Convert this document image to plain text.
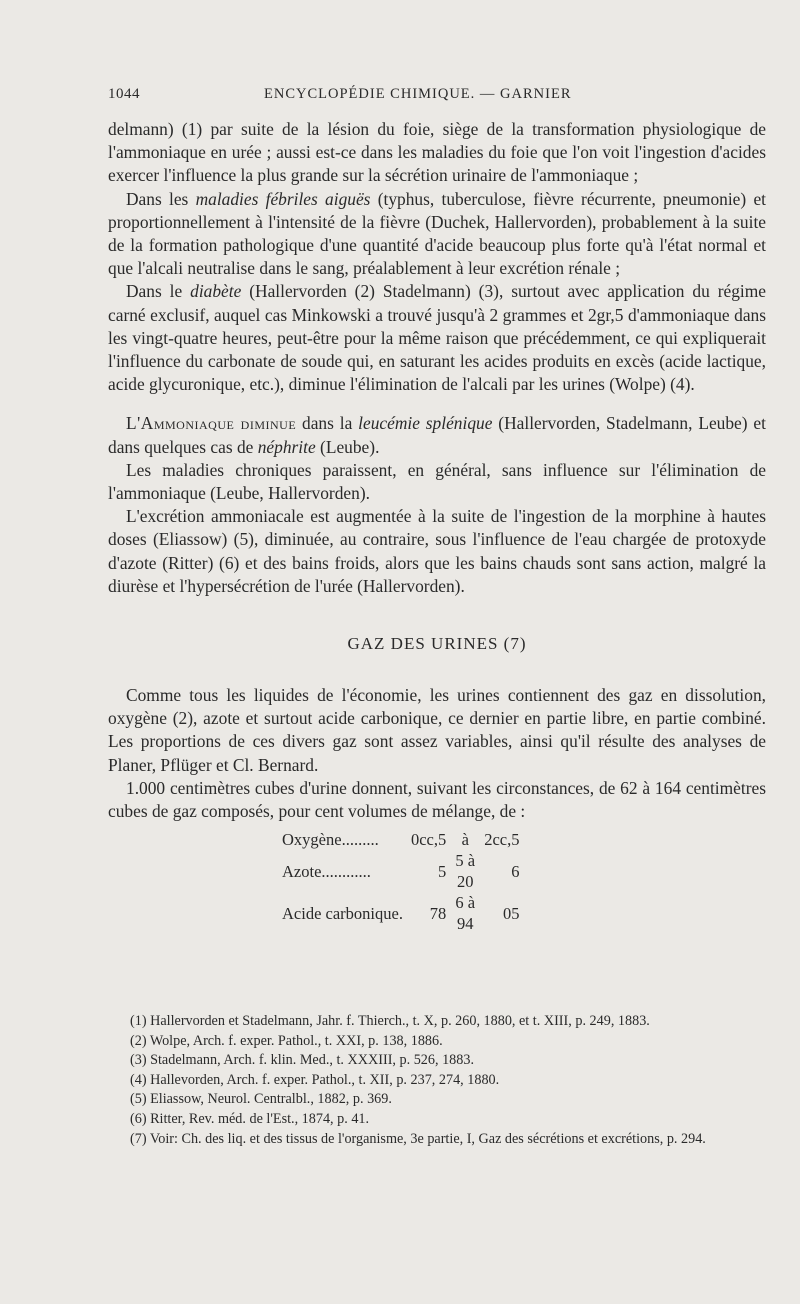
1044	ENCYCLOPÉDIE CHIMIQUE. — GARNIER

delmann) (1) par suite de la lésion du foie, siège de la transformation physiologique de l'ammoniaque en urée ; aussi est-ce dans les maladies du foie que l'on voit l'ingestion d'acides exercer l'influence la plus grande sur la sécrétion urinaire de l'ammoniaque ;

Dans les maladies fébriles aiguës (typhus, tuberculose, fièvre récurrente, pneumonie) et proportionnellement à l'intensité de la fièvre (Duchek, Hallervorden), probablement à la suite de la formation pathologique d'une quantité d'acide beaucoup plus forte qu'à l'état normal et que l'alcali neutralise dans le sang, préalablement à leur excrétion rénale ;

Dans le diabète (Hallervorden (2) Stadelmann) (3), surtout avec application du régime carné exclusif, auquel cas Minkowski a trouvé jusqu'à 2 grammes et 2gr,5 d'ammoniaque dans les vingt-quatre heures, peut-être pour la même raison que précédemment, ce qui expliquerait l'influence du carbonate de soude qui, en saturant les acides produits en excès (acide lactique, acide glycuronique, etc.), diminue l'élimination de l'alcali par les urines (Wolpe) (4).

L'Ammoniaque diminue dans la leucémie splénique (Hallervorden, Stadelmann, Leube) et dans quelques cas de néphrite (Leube).

Les maladies chroniques paraissent, en général, sans influence sur l'élimination de l'ammoniaque (Leube, Hallervorden).

L'excrétion ammoniacale est augmentée à la suite de l'ingestion de la morphine à hautes doses (Eliassow) (5), diminuée, au contraire, sous l'influence de l'eau chargée de protoxyde d'azote (Ritter) (6) et des bains froids, alors que les bains chauds sont sans action, malgré la diurèse et l'hypersécrétion de l'urée (Hallervorden).

GAZ DES URINES (7)

Comme tous les liquides de l'économie, les urines contiennent des gaz en dissolution, oxygène (2), azote et surtout acide carbonique, ce dernier en partie libre, en partie combiné. Les proportions de ces divers gaz sont assez variables, ainsi qu'il résulte des analyses de Planer, Pflüger et Cl. Bernard.

1.000 centimètres cubes d'urine donnent, suivant les circonstances, de 62 à 164 centimètres cubes de gaz composés, pour cent volumes de mélange, de :

Oxygène.........	0cc,5	à	2cc,5
Azote............	5	5 à 20	6
Acide carbonique.	78	6 à 94	05

(1) Hallervorden et Stadelmann, Jahr. f. Thierch., t. X, p. 260, 1880, et t. XIII, p. 249, 1883.

(2) Wolpe, Arch. f. exper. Pathol., t. XXI, p. 138, 1886.

(3) Stadelmann, Arch. f. klin. Med., t. XXXIII, p. 526, 1883.

(4) Hallevorden, Arch. f. exper. Pathol., t. XII, p. 237, 274, 1880.

(5) Eliassow, Neurol. Centralbl., 1882, p. 369.

(6) Ritter, Rev. méd. de l'Est., 1874, p. 41.

(7) Voir: Ch. des liq. et des tissus de l'organisme, 3e partie, I, Gaz des sécrétions et excrétions, p. 294.
